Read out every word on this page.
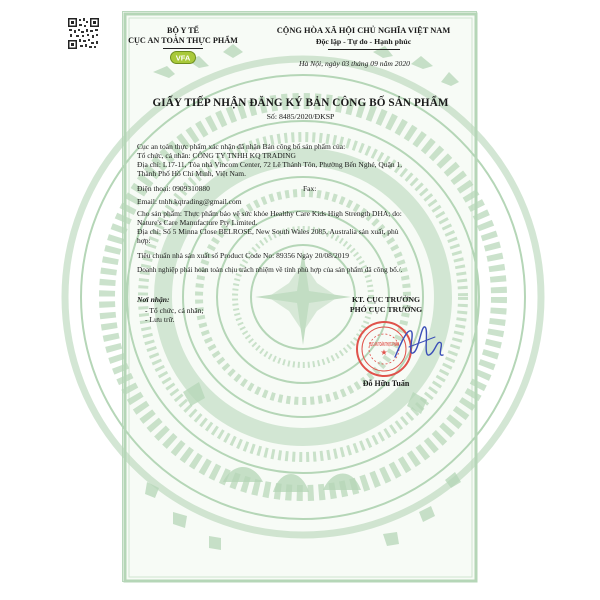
BỘ Y TẾ
CỤC AN TOÀN THỰC PHẨM
VFA
CỘNG HÒA XÃ HỘI CHỦ NGHĨA VIỆT NAM
Độc lập - Tự do - Hạnh phúc
Hà Nội, ngày 03 tháng 09 năm 2020
GIẤY TIẾP NHẬN ĐĂNG KÝ BẢN CÔNG BỐ SẢN PHẨM
Số: 8485/2020/ĐKSP
Cục an toàn thực phẩm xác nhận đã nhận Bản công bố sản phẩm của:
Tổ chức, cá nhân: CÔNG TY TNHH KQ TRADING
Địa chỉ: L17-11, Tòa nhà Vincom Center, 72 Lê Thánh Tôn, Phường Bến Nghé, Quận 1,
Thành Phố Hồ Chí Minh, Việt Nam.
Điện thoại: 0909310880	Fax:
Email: tnhh.kqtrading@gmail.com
Cho sản phẩm: Thực phẩm bảo vệ sức khỏe Healthy Care Kids High Strength DHA; do:
Nature's Care Manufacture Pty Limited.
Địa chỉ: Số 5 Minna Close BELROSE, New South Wales 2085, Australia sản xuất, phù
hợp:
Tiêu chuẩn nhà sản xuất số Product Code No: 89356 Ngày 20/08/2019
Doanh nghiệp phải hoàn toàn chịu trách nhiệm về tính phù hợp của sản phẩm đã công bố./.
Nơi nhận:
- Tổ chức, cá nhân;
- Lưu trữ.
KT. CỤC TRƯỞNG
PHÓ CỤC TRƯỞNG
CỤC AN TOÀN THỰC PHẨM
★
Đỗ Hữu Tuấn
